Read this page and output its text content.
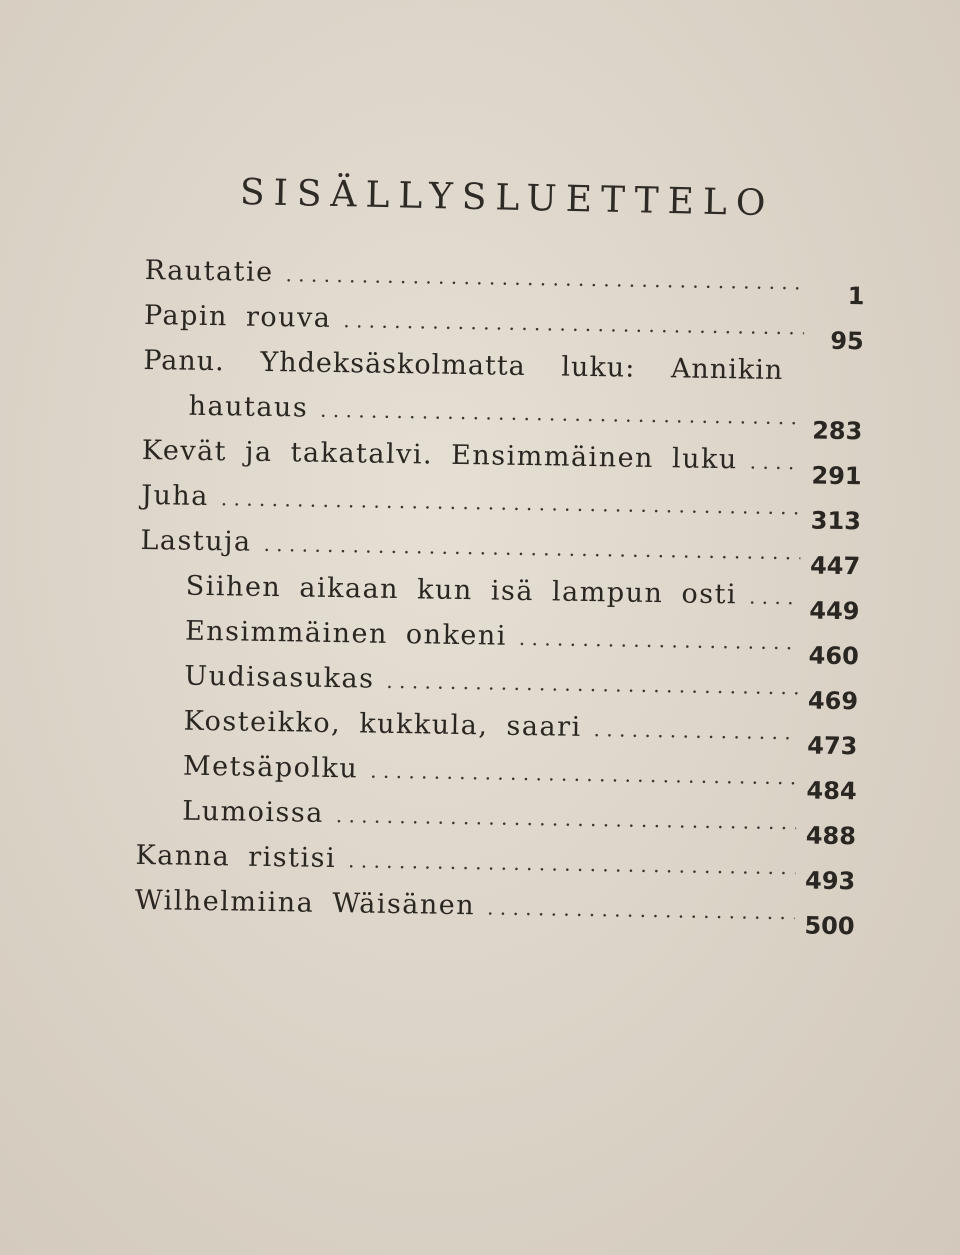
SISÄLLYSLUETTELO
Rautatie
. . .
1
Papin rouva
. . .
95
Panu. Yhdeksäskolmatta luku: Annikin
hautaus
. . .
283
Kevät ja takatalvi. Ensimmäinen luku
. . .
291
Juha
. . .
313
Lastuja
. . .
447
Siihen aikaan kun isä lampun osti
. . .
449
Ensimmäinen onkeni
. . .
460
Uudisasukas
. . .
469
Kosteikko, kukkula, saari
. . .
473
Metsäpolku
. . .
484
Lumoissa
. . .
488
Kanna ristisi
. . .
493
Wilhelmiina Wäisänen
. . .
500
